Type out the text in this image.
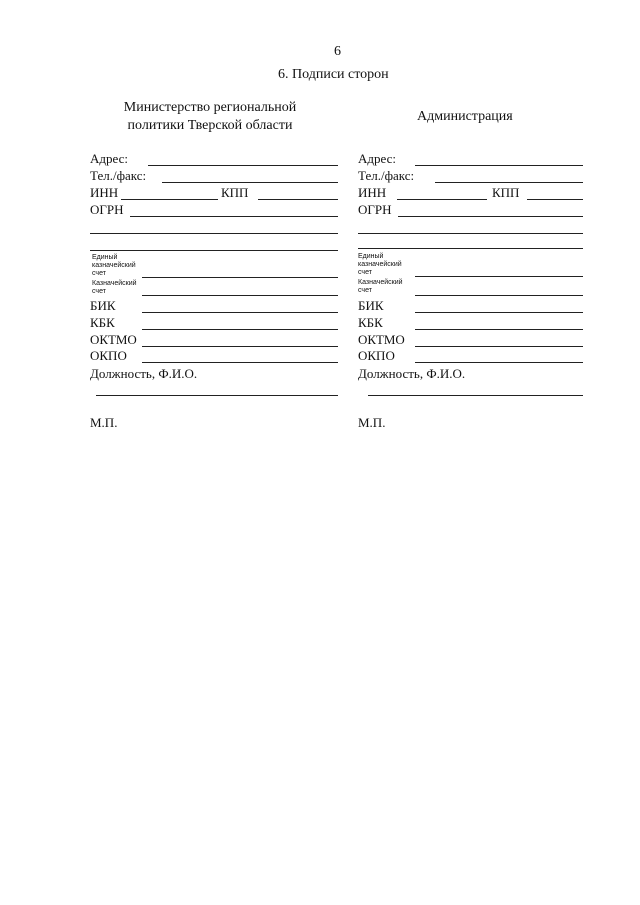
6
6. Подписи сторон
Министерство региональной
политики Тверской области
Адрес:
Тел./факс:
ИНН	КПП
ОГРН
Единый
казначейский
счет
Казначейский
счет
БИК
КБК
ОКТМО
ОКПО
Должность, Ф.И.О.
М.П.
Администрация
Адрес:
Тел./факс:
ИНН	КПП
ОГРН
Единый
казначейский
счет
Казначейский
счет
БИК
КБК
ОКТМО
ОКПО
Должность, Ф.И.О.
М.П.
